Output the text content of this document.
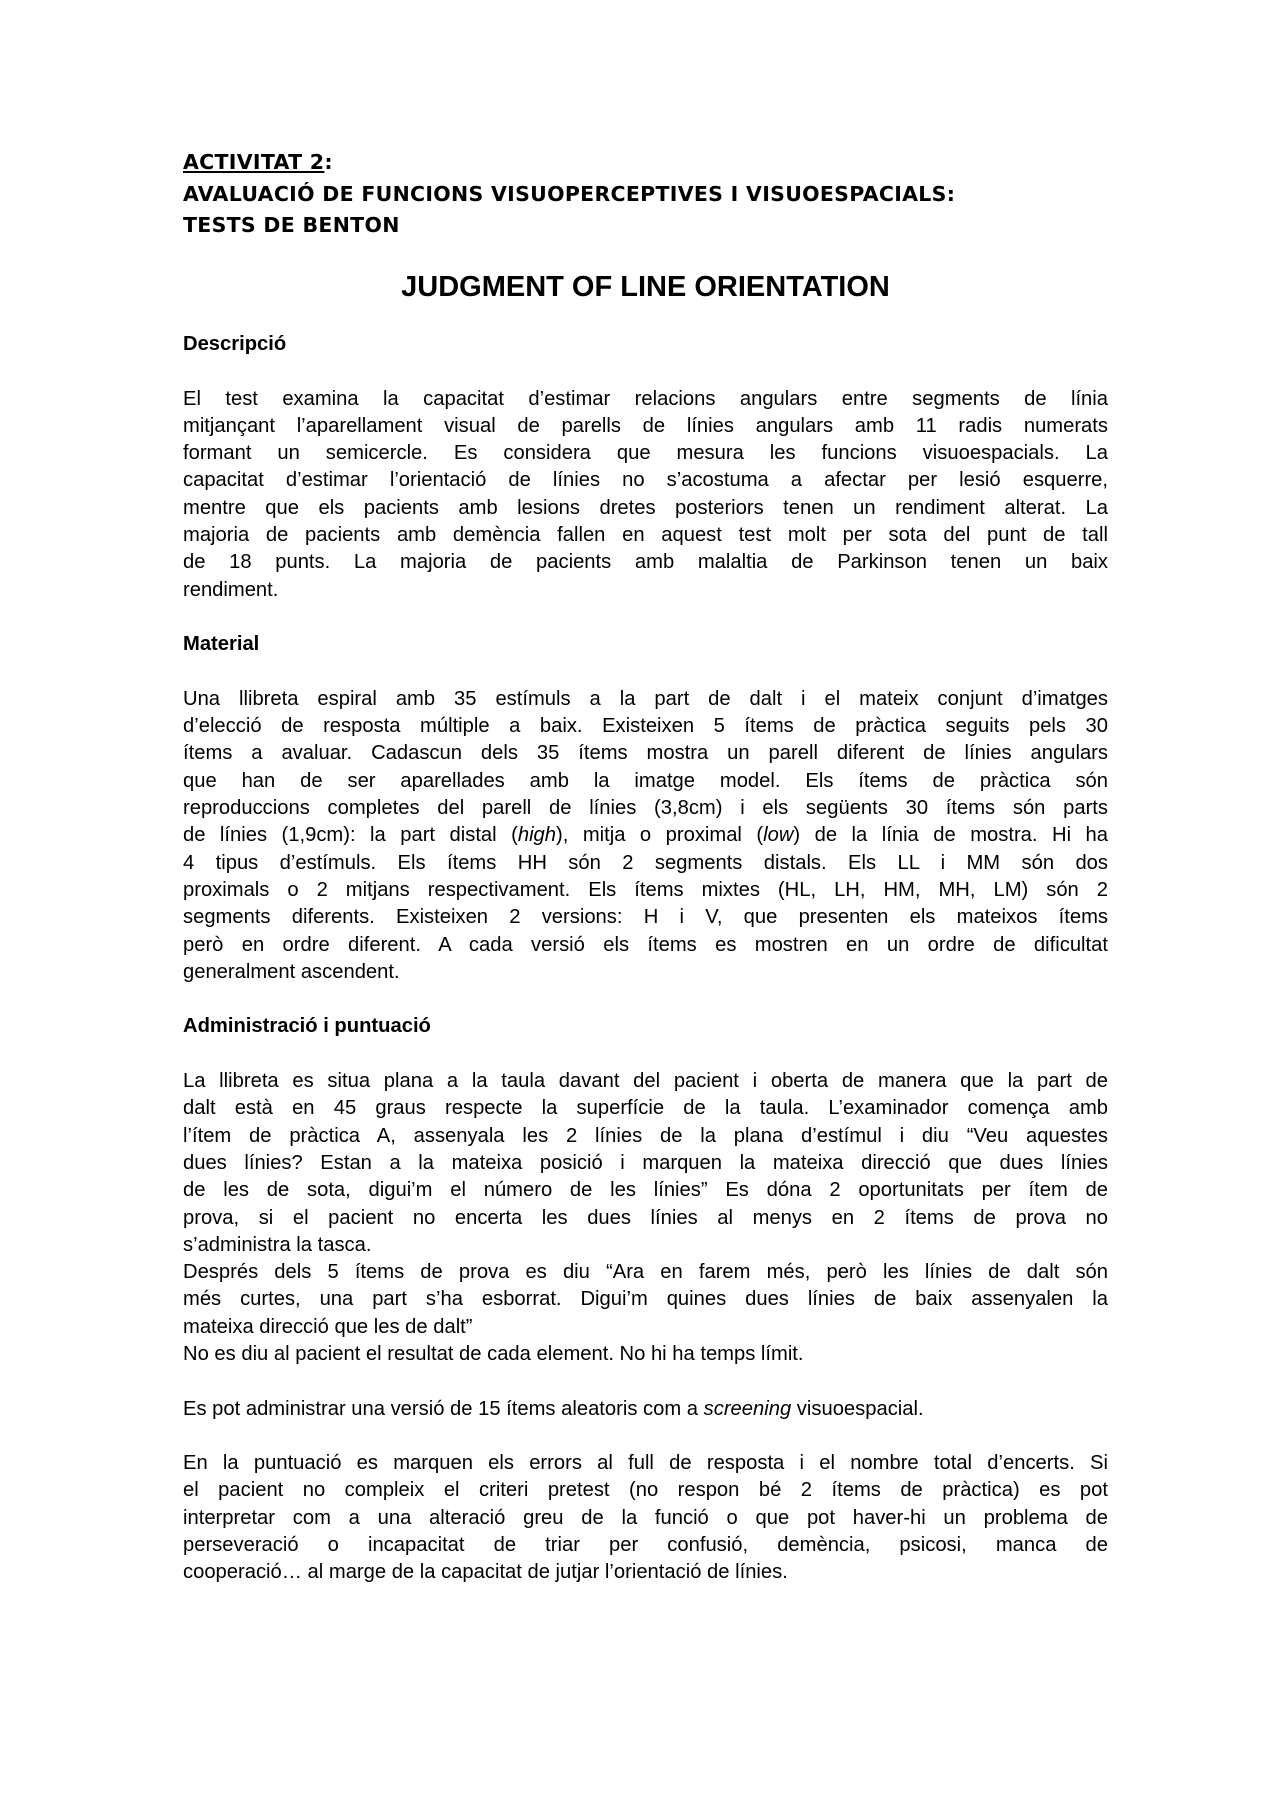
ACTIVITAT 2:
AVALUACIÓ DE FUNCIONS VISUOPERCEPTIVES I VISUOESPACIALS:
TESTS DE BENTON
JUDGMENT OF LINE ORIENTATION
Descripció
El test examina la capacitat d’estimar relacions angulars entre segments de línia
mitjançant l’aparellament visual de parells de línies angulars amb 11 radis numerats
formant un semicercle. Es considera que mesura les funcions visuoespacials. La
capacitat d’estimar l’orientació de línies no s’acostuma a afectar per lesió esquerre,
mentre que els pacients amb lesions dretes posteriors tenen un rendiment alterat. La
majoria de pacients amb demència fallen en aquest test molt per sota del punt de tall
de 18 punts. La majoria de pacients amb malaltia de Parkinson tenen un baix
rendiment.
Material
Una llibreta espiral amb 35 estímuls a la part de dalt i el mateix conjunt d’imatges
d’elecció de resposta múltiple a baix. Existeixen 5 ítems de pràctica seguits pels 30
ítems a avaluar. Cadascun dels 35 ítems mostra un parell diferent de línies angulars
que han de ser aparellades amb la imatge model. Els ítems de pràctica són
reproduccions completes del parell de línies (3,8cm) i els següents 30 ítems són parts
de línies (1,9cm): la part distal (high), mitja o proximal (low) de la línia de mostra. Hi ha
4 tipus d’estímuls. Els ítems HH són 2 segments distals. Els LL i MM són dos
proximals o 2 mitjans respectivament. Els ítems mixtes (HL, LH, HM, MH, LM) són 2
segments diferents. Existeixen 2 versions: H i V, que presenten els mateixos ítems
però en ordre diferent. A cada versió els ítems es mostren en un ordre de dificultat
generalment ascendent.
Administració i puntuació
La llibreta es situa plana a la taula davant del pacient i oberta de manera que la part de
dalt està en 45 graus respecte la superfície de la taula. L’examinador comença amb
l’ítem de pràctica A, assenyala les 2 línies de la plana d’estímul i diu “Veu aquestes
dues línies? Estan a la mateixa posició i marquen la mateixa direcció que dues línies
de les de sota, digui’m el número de les línies” Es dóna 2 oportunitats per ítem de
prova, si el pacient no encerta les dues línies al menys en 2 ítems de prova no
s’administra la tasca.
Després dels 5 ítems de prova es diu “Ara en farem més, però les línies de dalt són
més curtes, una part s’ha esborrat. Digui’m quines dues línies de baix assenyalen la
mateixa direcció que les de dalt”
No es diu al pacient el resultat de cada element. No hi ha temps límit.
Es pot administrar una versió de 15 ítems aleatoris com a screening visuoespacial.
En la puntuació es marquen els errors al full de resposta i el nombre total d’encerts. Si
el pacient no compleix el criteri pretest (no respon bé 2 ítems de pràctica) es pot
interpretar com a una alteració greu de la funció o que pot haver-hi un problema de
perseveració o incapacitat de triar per confusió, demència, psicosi, manca de
cooperació… al marge de la capacitat de jutjar l’orientació de línies.
